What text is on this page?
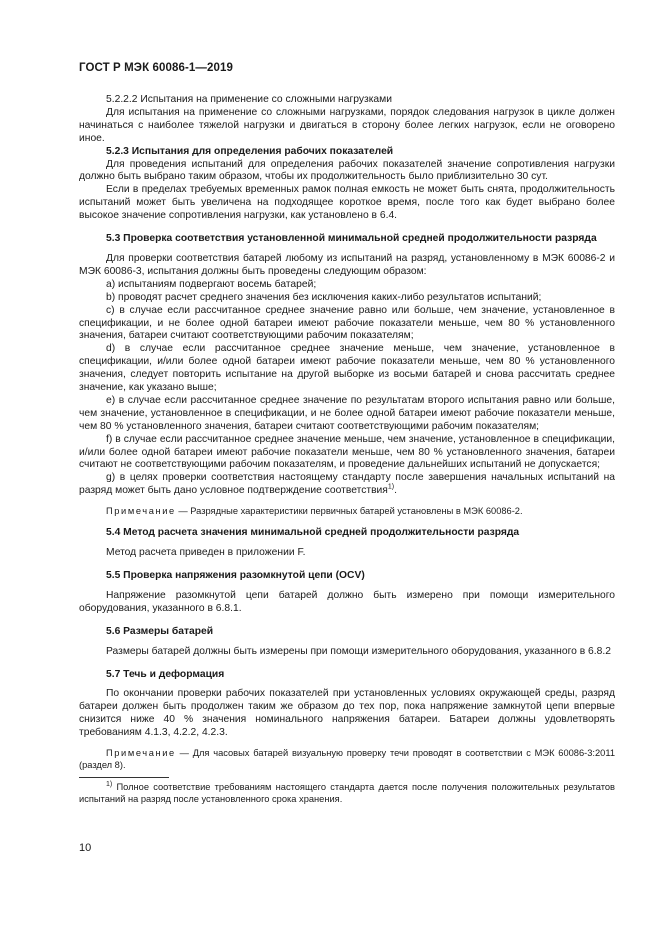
ГОСТ Р МЭК 60086-1—2019

5.2.2.2 Испытания на применение со сложными нагрузками

Для испытания на применение со сложными нагрузками, порядок следования нагрузок в цикле должен начинаться с наиболее тяжелой нагрузки и двигаться в сторону более легких нагрузок, если не оговорено иное.

5.2.3 Испытания для определения рабочих показателей

Для проведения испытаний для определения рабочих показателей значение сопротивления нагрузки должно быть выбрано таким образом, чтобы их продолжительность было приблизительно 30 сут.

Если в пределах требуемых временных рамок полная емкость не может быть снята, продолжительность испытаний может быть увеличена на подходящее короткое время, после того как будет выбрано более высокое значение сопротивления нагрузки, как установлено в 6.4.

5.3 Проверка соответствия установленной минимальной средней продолжительности разряда

Для проверки соответствия батарей любому из испытаний на разряд, установленному в МЭК 60086-2 и МЭК 60086-3, испытания должны быть проведены следующим образом:

a) испытаниям подвергают восемь батарей;

b) проводят расчет среднего значения без исключения каких-либо результатов испытаний;

c) в случае если рассчитанное среднее значение равно или больше, чем значение, установленное в спецификации, и не более одной батареи имеют рабочие показатели меньше, чем 80 % установленного значения, батареи считают соответствующими рабочим показателям;

d) в случае если рассчитанное среднее значение меньше, чем значение, установленное в спецификации, и/или более одной батареи имеют рабочие показатели меньше, чем 80 % установленного значения, следует повторить испытание на другой выборке из восьми батарей и снова рассчитать среднее значение, как указано выше;

e) в случае если рассчитанное среднее значение по результатам второго испытания равно или больше, чем значение, установленное в спецификации, и не более одной батареи имеют рабочие показатели меньше, чем 80 % установленного значения, батареи считают соответствующими рабочим показателям;

f) в случае если рассчитанное среднее значение меньше, чем значение, установленное в спецификации, и/или более одной батареи имеют рабочие показатели меньше, чем 80 % установленного значения, батареи считают не соответствующими рабочим показателям, и проведение дальнейших испытаний не допускается;

g) в целях проверки соответствия настоящему стандарту после завершения начальных испытаний на разряд может быть дано условное подтверждение соответствия$^{1)}$.

Примечание — Разрядные характеристики первичных батарей установлены в МЭК 60086-2.

5.4 Метод расчета значения минимальной средней продолжительности разряда

Метод расчета приведен в приложении F.

5.5 Проверка напряжения разомкнутой цепи (OCV)

Напряжение разомкнутой цепи батарей должно быть измерено при помощи измерительного оборудования, указанного в 6.8.1.

5.6 Размеры батарей

Размеры батарей должны быть измерены при помощи измерительного оборудования, указанного в 6.8.2

5.7 Течь и деформация

По окончании проверки рабочих показателей при установленных условиях окружающей среды, разряд батареи должен быть продолжен таким же образом до тех пор, пока напряжение замкнутой цепи впервые снизится ниже 40 % значения номинального напряжения батареи. Батареи должны удовлетворять требованиям 4.1.3, 4.2.2, 4.2.3.

Примечание — Для часовых батарей визуальную проверку течи проводят в соответствии с МЭК 60086-3:2011 (раздел 8).

$^{1)}$ Полное соответствие требованиям настоящего стандарта дается после получения положительных результатов испытаний на разряд после установленного срока хранения.

10
